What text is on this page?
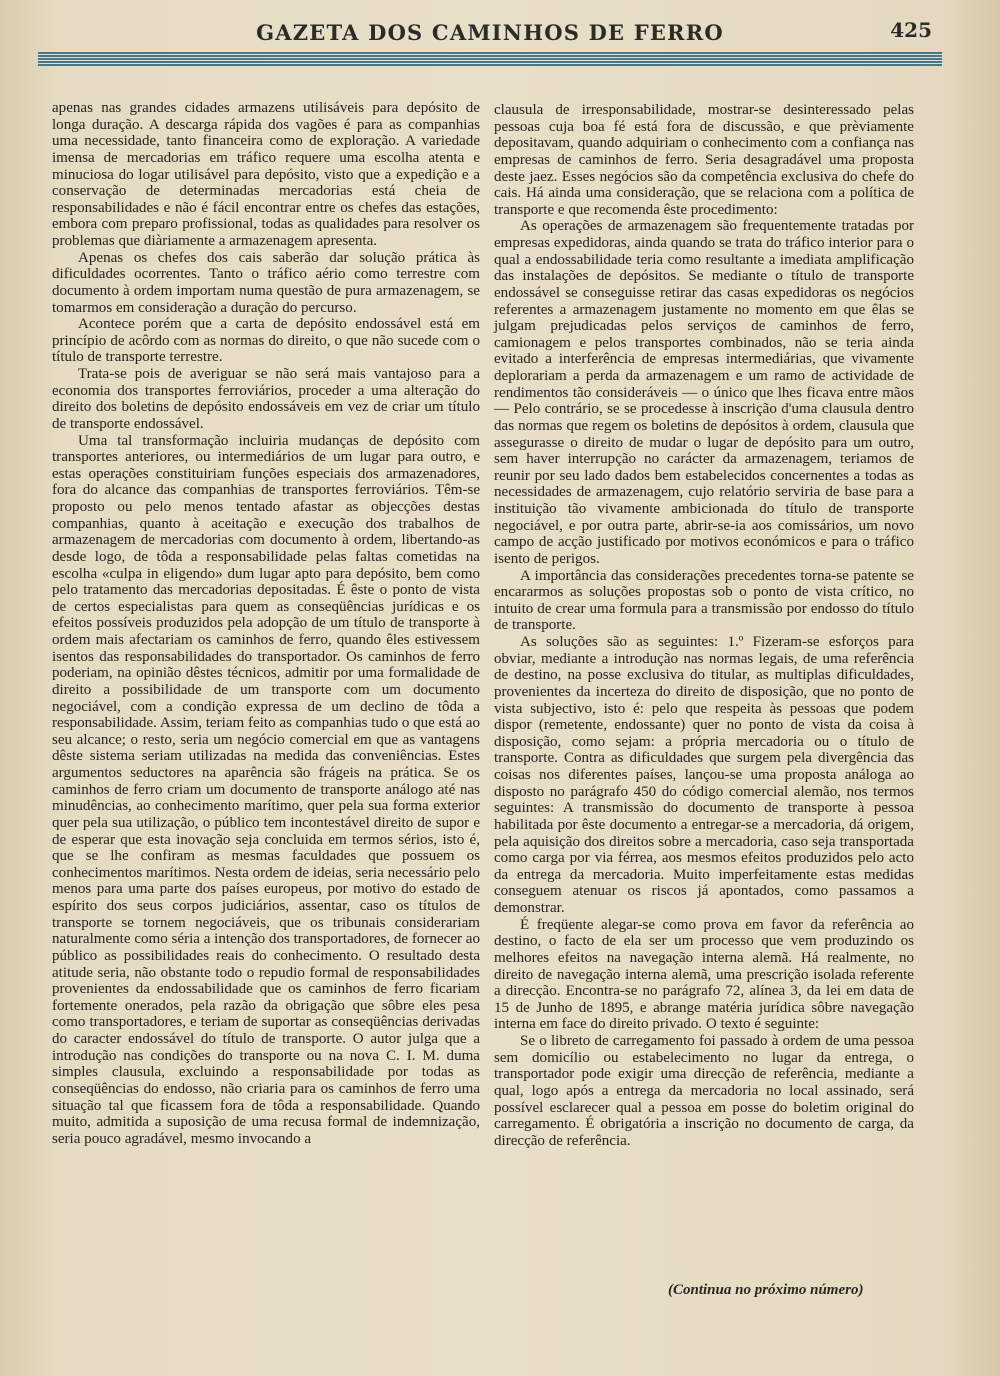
GAZETA DOS CAMINHOS DE FERRO	425

apenas nas grandes cidades armazens utilisáveis para depósito de longa duração. A descarga rápida dos vagões é para as companhias uma necessidade, tanto financeira como de exploração. A variedade imensa de mercadorias em tráfico requere uma escolha atenta e minuciosa do logar utilisável para depósito, visto que a expedição e a conservação de determinadas mercadorias está cheia de responsabilidades e não é fácil encontrar entre os chefes das estações, embora com preparo profissional, todas as qualidades para resolver os problemas que diàriamente a armazenagem apresenta.

Apenas os chefes dos cais saberão dar solução prática às dificuldades ocorrentes. Tanto o tráfico aério como terrestre com documento à ordem importam numa questão de pura armazenagem, se tomarmos em consideração a duração do percurso.

Acontece porém que a carta de depósito endossável está em princípio de acôrdo com as normas do direito, o que não sucede com o título de transporte terrestre.

Trata-se pois de averiguar se não será mais vantajoso para a economia dos transportes ferroviários, proceder a uma alteração do direito dos boletins de depósito endossáveis em vez de criar um título de transporte endossável.

Uma tal transformação incluiria mudanças de depósito com transportes anteriores, ou intermediários de um lugar para outro, e estas operações constituiriam funções especiais dos armazenadores, fora do alcance das companhias de transportes ferroviários. Têm-se proposto ou pelo menos tentado afastar as objecções destas companhias, quanto à aceitação e execução dos trabalhos de armazenagem de mercadorias com documento à ordem, libertando-as desde logo, de tôda a responsabilidade pelas faltas cometidas na escolha «culpa in eligendo» dum lugar apto para depósito, bem como pelo tratamento das mercadorias depositadas. É êste o ponto de vista de certos especialistas para quem as conseqüências jurídicas e os efeitos possíveis produzidos pela adopção de um título de transporte à ordem mais afectariam os caminhos de ferro, quando êles estivessem isentos das responsabilidades do transportador. Os caminhos de ferro poderiam, na opinião dêstes técnicos, admitir por uma formalidade de direito a possibilidade de um transporte com um documento negociável, com a condição expressa de um declino de tôda a responsabilidade. Assim, teriam feito as companhias tudo o que está ao seu alcance; o resto, seria um negócio comercial em que as vantagens dêste sistema seriam utilizadas na medida das conveniências. Estes argumentos seductores na aparência são frágeis na prática. Se os caminhos de ferro criam um documento de transporte análogo até nas minudências, ao conhecimento marítimo, quer pela sua forma exterior quer pela sua utilização, o público tem incontestável direito de supor e de esperar que esta inovação seja concluida em termos sérios, isto é, que se lhe confiram as mesmas faculdades que possuem os conhecimentos marítimos. Nesta ordem de ideias, seria necessário pelo menos para uma parte dos países europeus, por motivo do estado de espírito dos seus corpos judiciários, assentar, caso os títulos de transporte se tornem negociáveis, que os tribunais considerariam naturalmente como séria a intenção dos transportadores, de fornecer ao público as possibilidades reais do conhecimento. O resultado desta atitude seria, não obstante todo o repudio formal de responsabilidades provenientes da endossabilidade que os caminhos de ferro ficariam fortemente onerados, pela razão da obrigação que sôbre eles pesa como transportadores, e teriam de suportar as conseqüências derivadas do caracter endossável do título de transporte. O autor julga que a introdução nas condições do transporte ou na nova C. I. M. duma simples clausula, excluindo a responsabilidade por todas as conseqüências do endosso, não criaria para os caminhos de ferro uma situação tal que ficassem fora de tôda a responsabilidade. Quando muito, admitida a suposição de uma recusa formal de indemnização, seria pouco agradável, mesmo invocando a

clausula de irresponsabilidade, mostrar-se desinteressado pelas pessoas cuja boa fé está fora de discussão, e que prèviamente depositavam, quando adquiriam o conhecimento com a confiança nas empresas de caminhos de ferro. Seria desagradável uma proposta deste jaez. Esses negócios são da competência exclusiva do chefe do cais. Há ainda uma consideração, que se relaciona com a política de transporte e que recomenda êste procedimento:

As operações de armazenagem são frequentemente tratadas por empresas expedidoras, ainda quando se trata do tráfico interior para o qual a endossabilidade teria como resultante a imediata amplificação das instalações de depósitos. Se mediante o título de transporte endossável se conseguisse retirar das casas expedidoras os negócios referentes a armazenagem justamente no momento em que êlas se julgam prejudicadas pelos serviços de caminhos de ferro, camionagem e pelos transportes combinados, não se teria ainda evitado a interferência de empresas intermediárias, que vivamente deplorariam a perda da armazenagem e um ramo de actividade de rendimentos tão consideráveis — o único que lhes ficava entre mãos — Pelo contrário, se se procedesse à inscrição d'uma clausula dentro das normas que regem os boletins de depósitos à ordem, clausula que assegurasse o direito de mudar o lugar de depósito para um outro, sem haver interrupção no carácter da armazenagem, teriamos de reunir por seu lado dados bem estabelecidos concernentes a todas as necessidades de armazenagem, cujo relatório serviria de base para a instituição tão vivamente ambicionada do título de transporte negociável, e por outra parte, abrir-se-ia aos comissários, um novo campo de acção justificado por motivos económicos e para o tráfico isento de perigos.

A importância das considerações precedentes torna-se patente se encararmos as soluções propostas sob o ponto de vista crítico, no intuito de crear uma formula para a transmissão por endosso do título de transporte.

As soluções são as seguintes: 1.º Fizeram-se esforços para obviar, mediante a introdução nas normas legais, de uma referência de destino, na posse exclusiva do titular, as multiplas dificuldades, provenientes da incerteza do direito de disposição, que no ponto de vista subjectivo, isto é: pelo que respeita às pessoas que podem dispor (remetente, endossante) quer no ponto de vista da coisa à disposição, como sejam: a própria mercadoria ou o título de transporte. Contra as dificuldades que surgem pela divergência das coisas nos diferentes países, lançou-se uma proposta análoga ao disposto no parágrafo 450 do código comercial alemão, nos termos seguintes: A transmissão do documento de transporte à pessoa habilitada por êste documento a entregar-se a mercadoria, dá origem, pela aquisição dos direitos sobre a mercadoria, caso seja transportada como carga por via férrea, aos mesmos efeitos produzidos pelo acto da entrega da mercadoria. Muito imperfeitamente estas medidas conseguem atenuar os riscos já apontados, como passamos a demonstrar.

É freqüente alegar-se como prova em favor da referência ao destino, o facto de ela ser um processo que vem produzindo os melhores efeitos na navegação interna alemã. Há realmente, no direito de navegação interna alemã, uma prescrição isolada referente a direcção. Encontra-se no parágrafo 72, alínea 3, da lei em data de 15 de Junho de 1895, e abrange matéria jurídica sôbre navegação interna em face do direito privado. O texto é seguinte:

Se o libreto de carregamento foi passado à ordem de uma pessoa sem domicílio ou estabelecimento no lugar da entrega, o transportador pode exigir uma direcção de referência, mediante a qual, logo após a entrega da mercadoria no local assinado, será possível esclarecer qual a pessoa em posse do boletim original do carregamento. É obrigatória a inscrição no documento de carga, da direcção de referência.

(Continua no próximo número)
